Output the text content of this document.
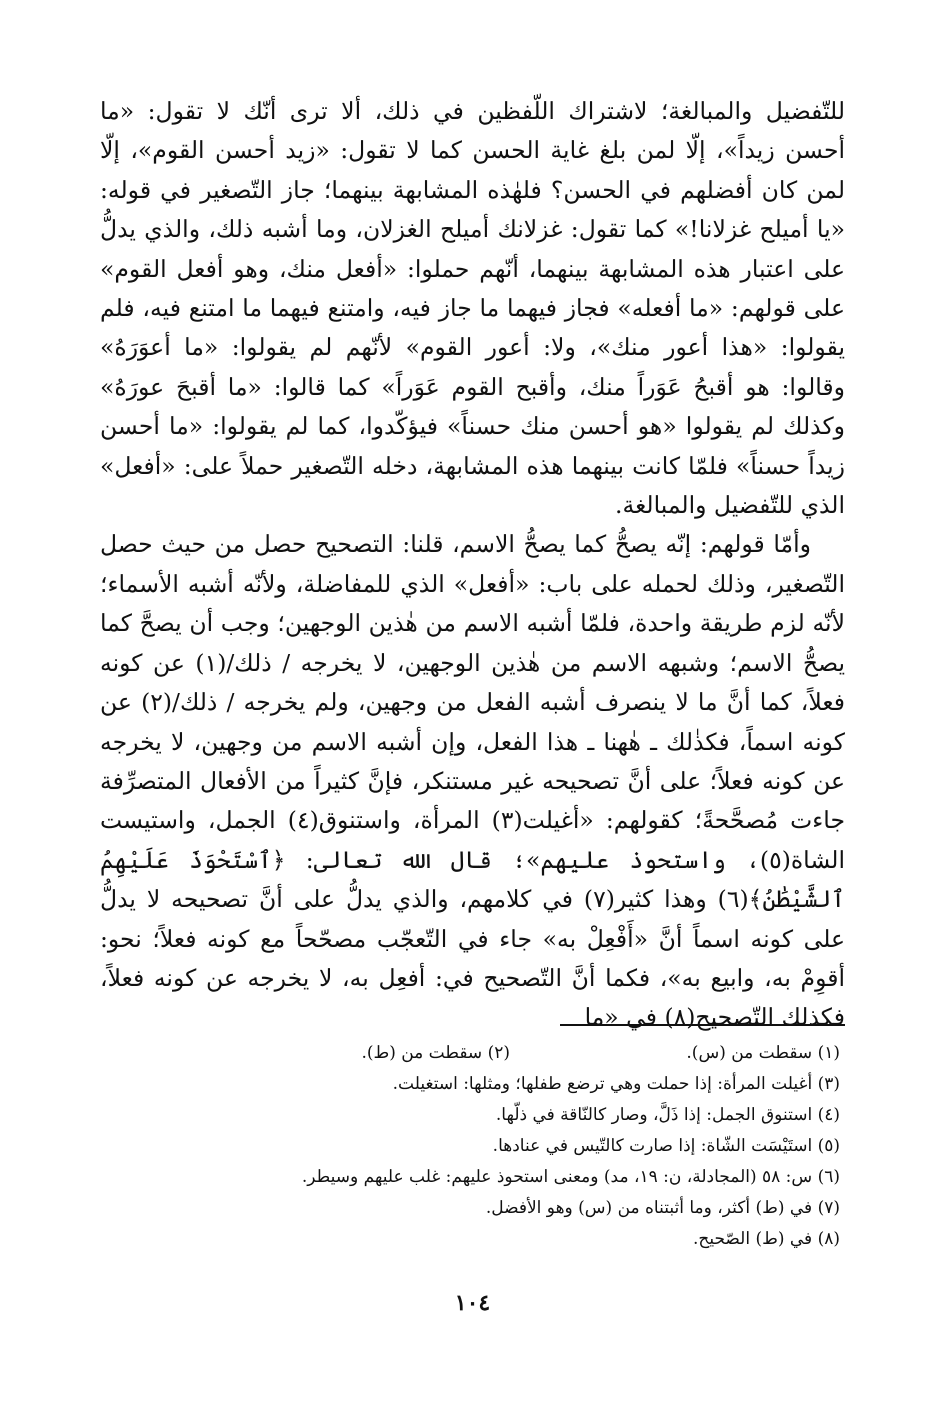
للتّفضيل والمبالغة؛ لاشتراك اللّفظين في ذلك، ألا ترى أنّك لا تقول: «ما أحسن زيداً»، إلّا لمن بلغ غاية الحسن كما لا تقول: «زيد أحسن القوم»، إلّا لمن كان أفضلهم في الحسن؟ فلهٰذه المشابهة بينهما؛ جاز التّصغير في قوله: «يا أميلح غزلانا!» كما تقول: غزلانك أميلح الغزلان، وما أشبه ذلك، والذي يدلُّ على اعتبار هذه المشابهة بينهما، أنّهم حملوا: «أفعل منك، وهو أفعل القوم» على قولهم: «ما أفعله» فجاز فيهما ما جاز فيه، وامتنع فيهما ما امتنع فيه، فلم يقولوا: «هذا أعور منك»، ولا: أعور القوم» لأنّهم لم يقولوا: «ما أعوَرَهُ» وقالوا: هو أقبحُ عَوَراً منك، وأقبح القوم عَوَراً» كما قالوا: «ما أقبحَ عورَهُ» وكذلك لم يقولوا «هو أحسن منك حسناً» فيؤكّدوا، كما لم يقولوا: «ما أحسن زيداً حسناً» فلمّا كانت بينهما هذه المشابهة، دخله التّصغير حملاً على: «أفعل» الذي للتّفضيل والمبالغة.

وأمّا قولهم: إنّه يصحُّ كما يصحُّ الاسم، قلنا: التصحيح حصل من حيث حصل التّصغير، وذلك لحمله على باب: «أفعل» الذي للمفاضلة، ولأنّه أشبه الأسماء؛ لأنّه لزم طريقة واحدة، فلمّا أشبه الاسم من هٰذين الوجهين؛ وجب أن يصحَّ كما يصحُّ الاسم؛ وشبهه الاسم من هٰذين الوجهين، لا يخرجه / ذلك/(١) عن كونه فعلاً، كما أنَّ ما لا ينصرف أشبه الفعل من وجهين، ولم يخرجه / ذلك/(٢) عن كونه اسماً، فكذٰلك ـ هٰهنا ـ هذا الفعل، وإن أشبه الاسم من وجهين، لا يخرجه عن كونه فعلاً؛ على أنَّ تصحيحه غير مستنكر، فإنَّ كثيراً من الأفعال المتصرِّفة جاءت مُصحَّحةً؛ كقولهم: «أغيلت(٣) المرأة، واستنوق(٤) الجمل، واستيست الشاة(٥)، واستحوذ عليهم»؛ قال الله تعالى: ﴿ٱسْتَحْوَذَ عَلَيْهِمُ ٱلشَّيْطَٰنُ﴾(٦) وهذا كثير(٧) في كلامهم، والذي يدلُّ على أنَّ تصحيحه لا يدلُّ على كونه اسماً أنَّ «أَفْعِلْ به» جاء في التّعجّب مصحّحاً مع كونه فعلاً؛ نحو: أقوِمْ به، وابيع به»، فكما أنَّ التّصحيح في: أفعِل به، لا يخرجه عن كونه فعلاً، فكذلك التّصحيح(٨) في «ما

(١) سقطت من (س).
(٢) سقطت من (ط).
(٣) أغيلت المرأة: إذا حملت وهي ترضع طفلها؛ ومثلها: استغيلت.
(٤) استنوق الجمل: إذا ذَلَّ، وصار كالنّاقة في ذلّها.
(٥) استَيْسَت الشّاة: إذا صارت كالتّيس في عنادها.
(٦) س: ٥٨ (المجادلة، ن: ١٩، مد) ومعنى استحوذ عليهم: غلب عليهم وسيطر.
(٧) في (ط) أكثر، وما أثبتناه من (س) وهو الأفضل.
(٨) في (ط) الصّحيح.
١٠٤
